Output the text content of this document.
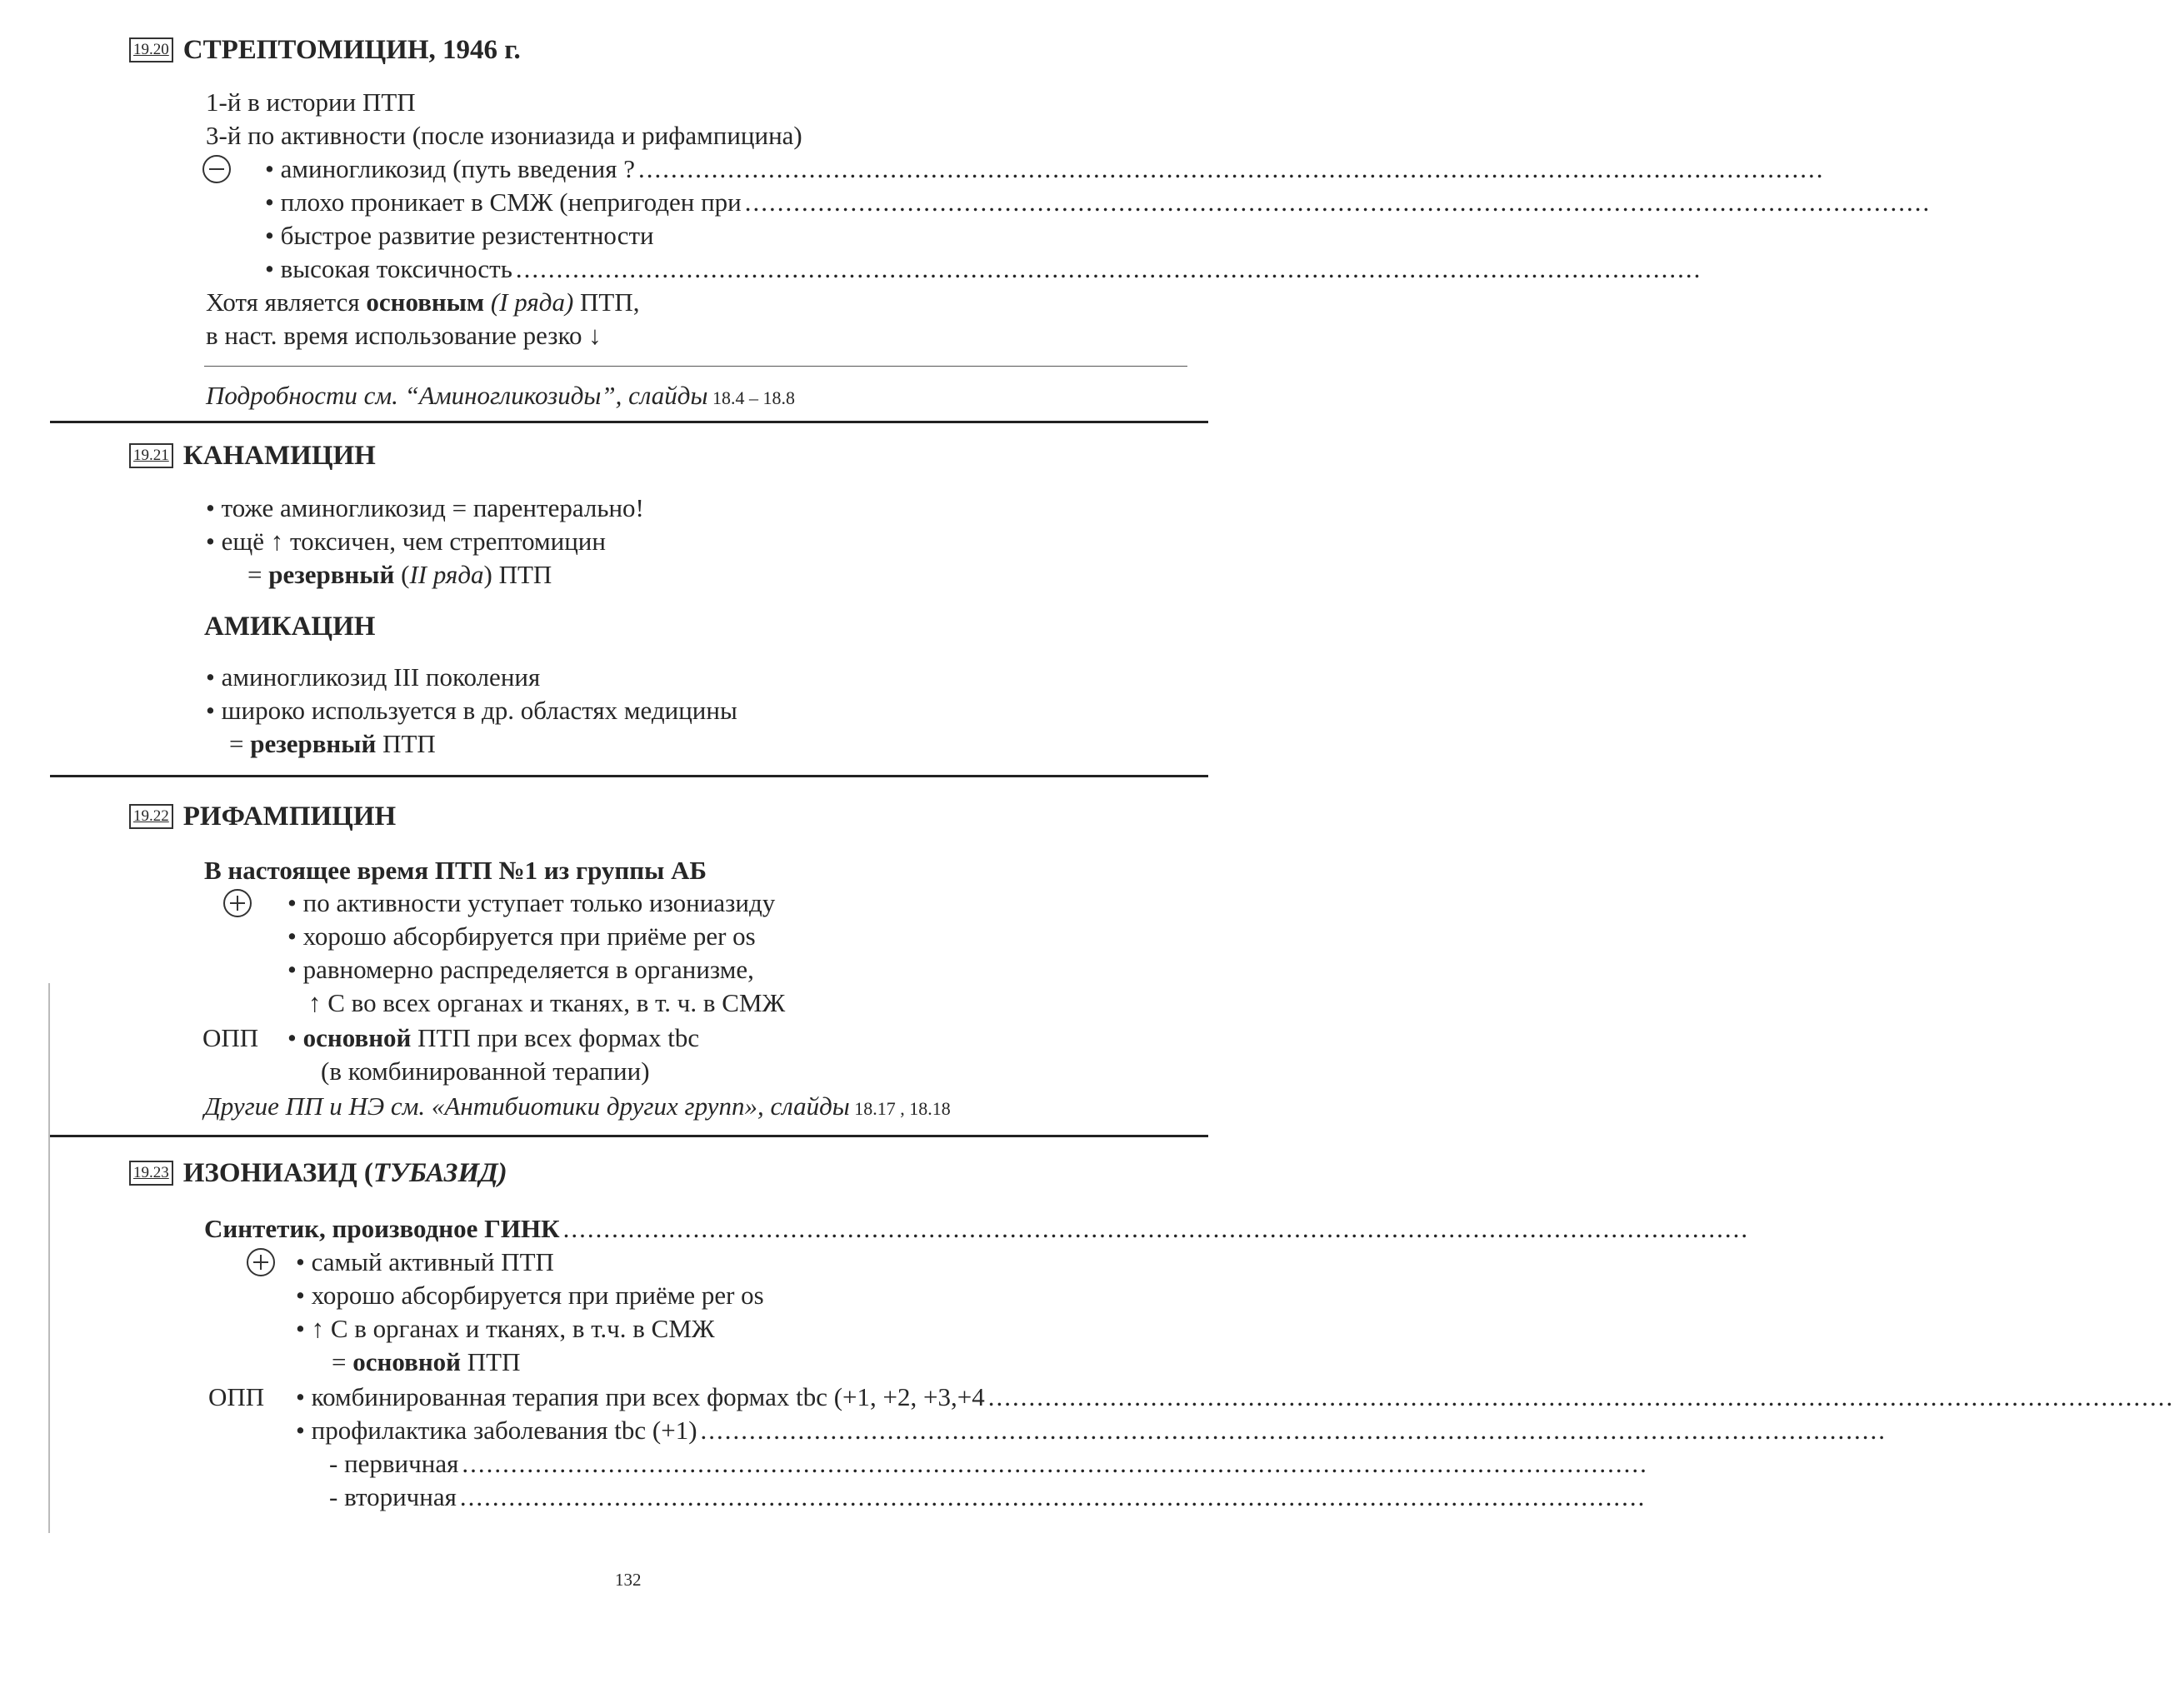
19.20 СТРЕПТОМИЦИН, 1946 г.
1-й в истории ПТП
3-й по активности (после изониазида и рифампицина)
• аминогликозид (путь введения ? ..................................................................................................................................................
• плохо проникает в СМЖ (непригоден при ..................................................................................................................................................
• быстрое развитие резистентности
• высокая токсичность ..................................................................................................................................................
Хотя является основным (I ряда) ПТП,
в наст. время использование резко ↓
Подробности см. “Аминогликозиды”, слайды 18.4 – 18.8
19.21 КАНАМИЦИН
• тоже аминогликозид = парентерально!
• ещё ↑ токсичен, чем стрептомицин
= резервный (II ряда) ПТП
АМИКАЦИН
• аминогликозид III поколения
• широко используется в др. областях медицины
= резервный ПТП
19.22 РИФАМПИЦИН
В настоящее время ПТП №1 из группы АБ
• по активности уступает только изониазиду
• хорошо абсорбируется при приёме per os
• равномерно распределяется в организме,
↑ С во всех органах и тканях, в т. ч. в СМЖ
ОПП • основной ПТП при всех формах tbc
(в комбинированной терапии)
Другие ПП и НЭ см. «Антибиотики других групп», слайды 18.17 , 18.18
19.23 ИЗОНИАЗИД (ТУБАЗИД)
Синтетик, производное ГИНК ..................................................................................................................................................
• самый активный ПТП
• хорошо абсорбируется при приёме per os
• ↑ С в органах и тканях, в т.ч. в СМЖ
= основной ПТП
ОПП • комбинированная терапия при всех формах tbc (+1, +2, +3,+4 ..................................................................................................................................................
• профилактика заболевания tbc (+1) ..................................................................................................................................................
- первичная ..................................................................................................................................................
- вторичная ..................................................................................................................................................
132
